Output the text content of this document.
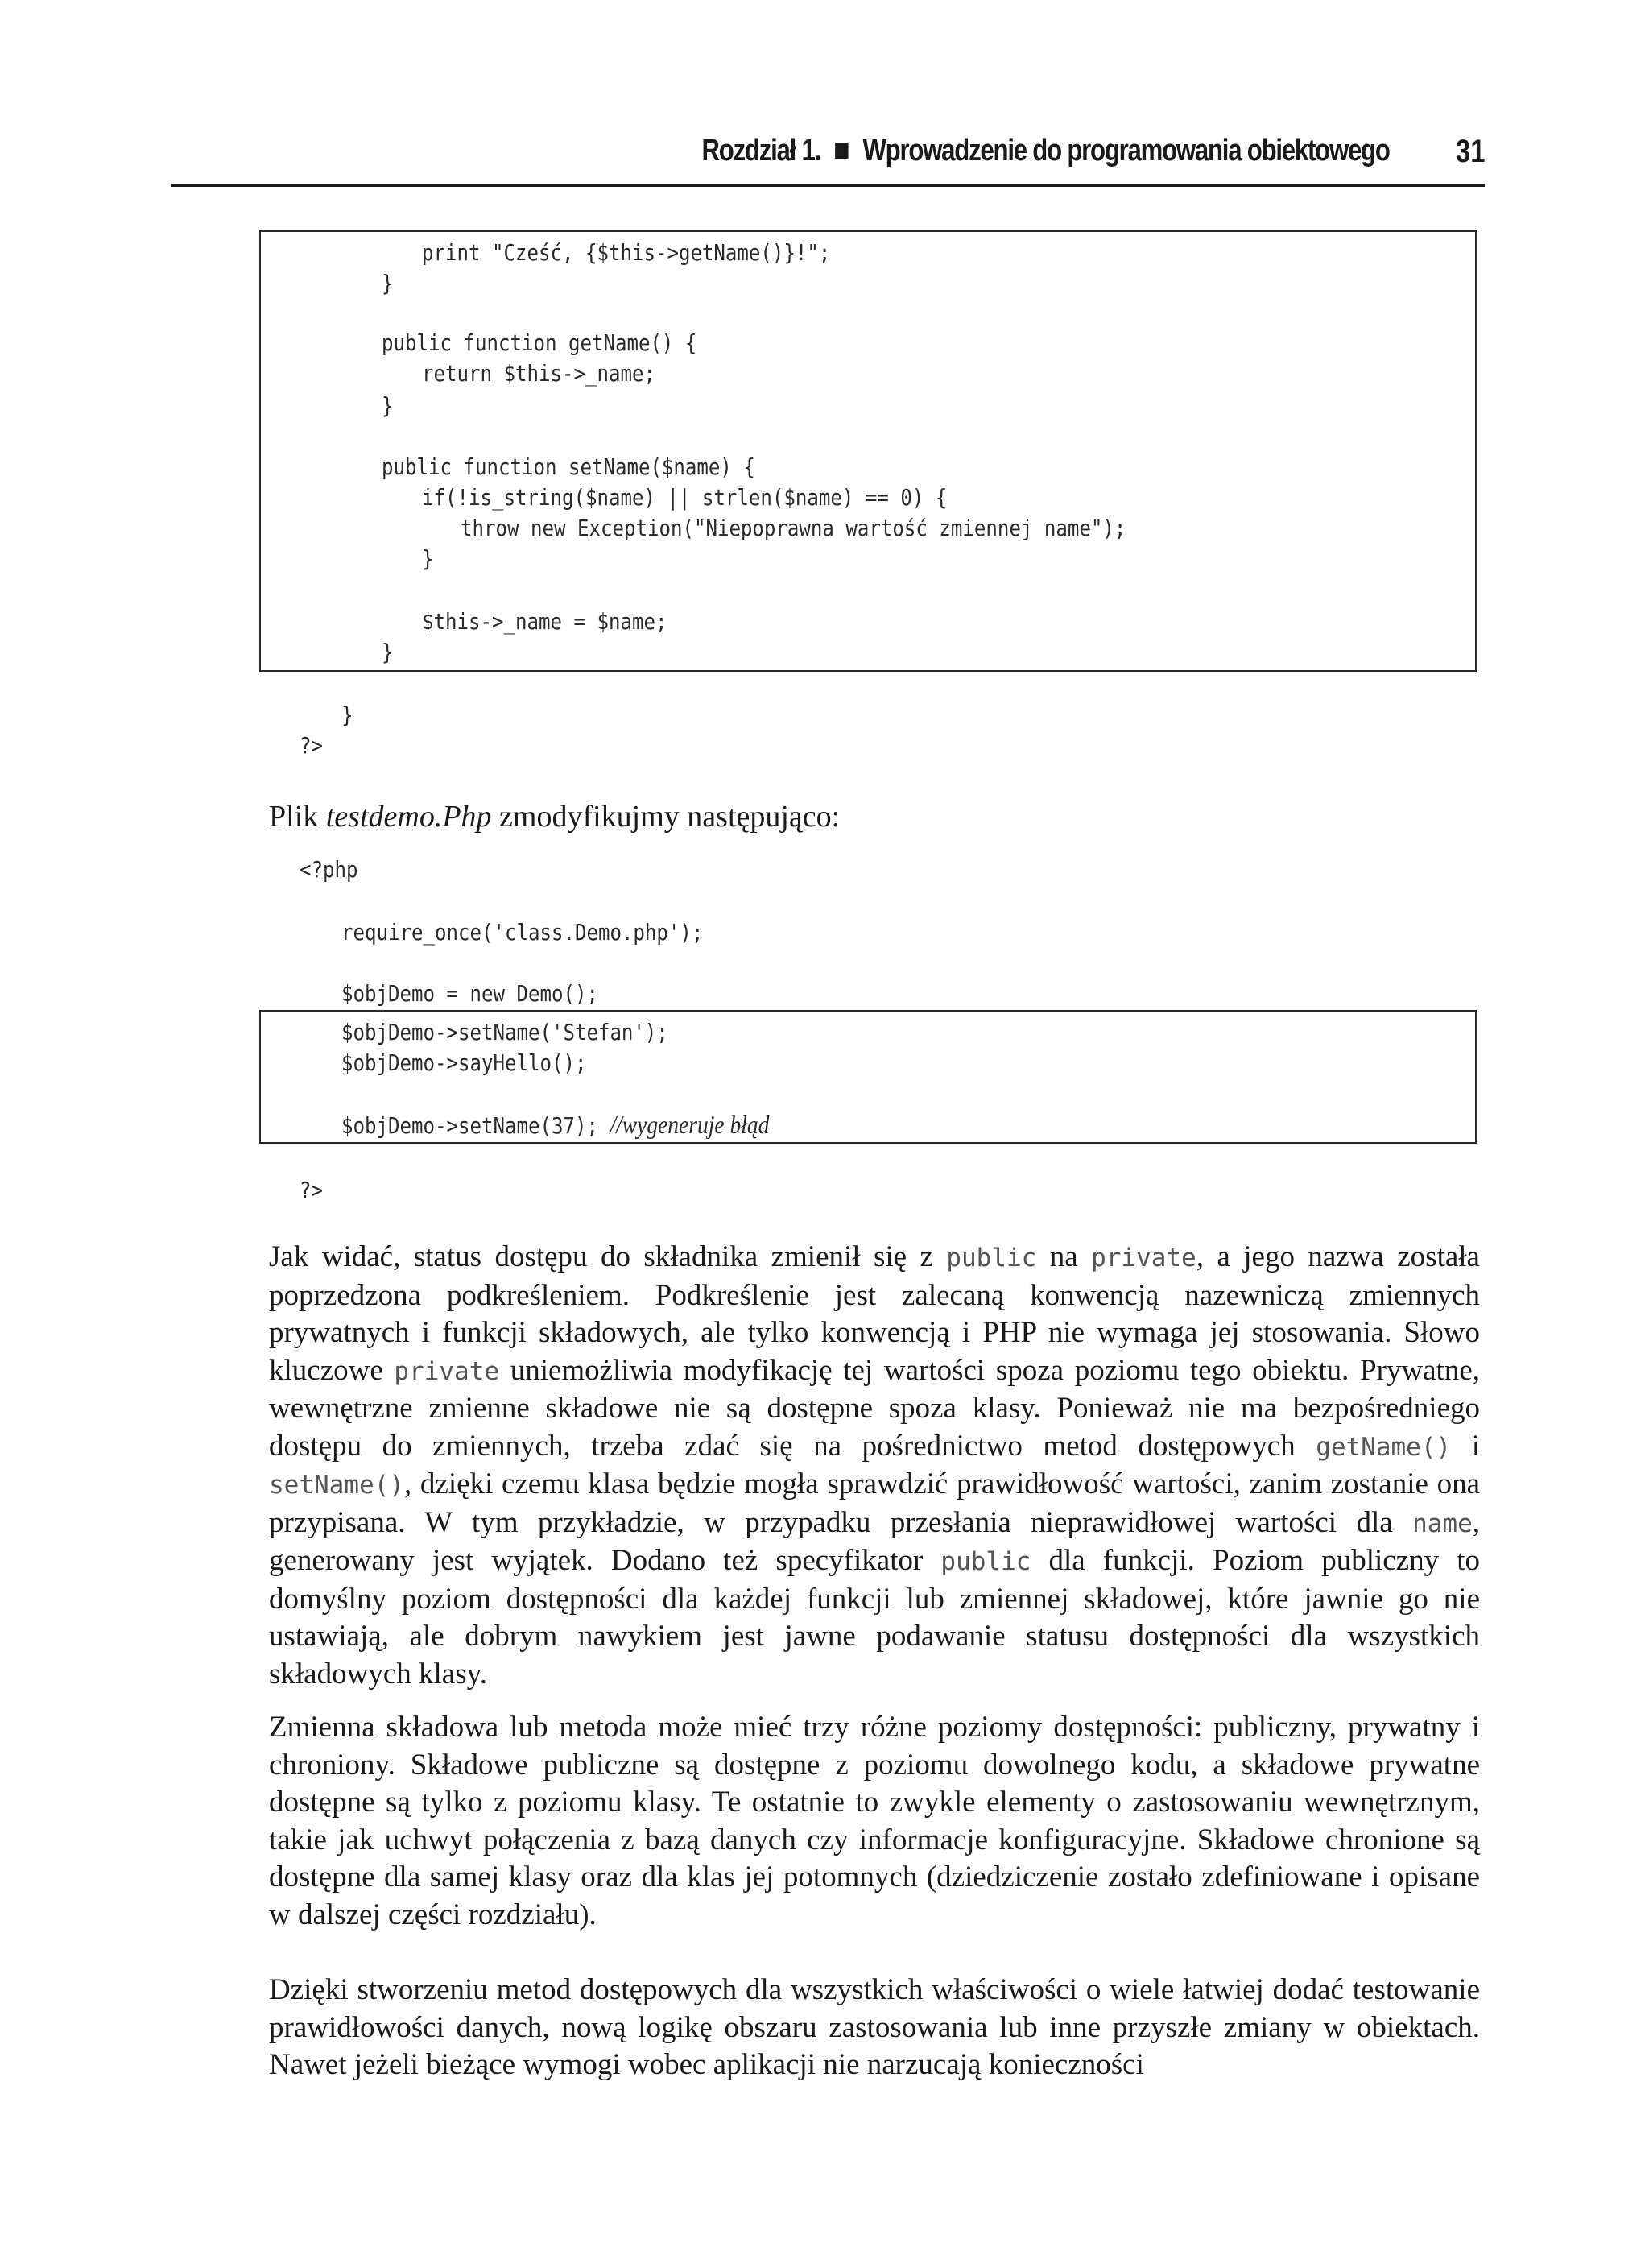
Rozdział 1. Wprowadzenie do programowania obiektowego 31
print "Cześć, {$this->getName()}!";
}
public function getName() {
return $this->_name;
}
public function setName($name) {
if(!is_string($name) || strlen($name) == 0) {
throw new Exception("Niepoprawna wartość zmiennej name");
}
$this->_name = $name;
}
}
?>
Plik testdemo.Php zmodyfikujmy następująco:
<?php
require_once('class.Demo.php');
$objDemo = new Demo();
$objDemo->setName('Stefan');
$objDemo->sayHello();
$objDemo->setName(37); //wygeneruje błąd
?>
Jak widać, status dostępu do składnika zmienił się z public na private, a jego nazwa została poprzedzona podkreśleniem. Podkreślenie jest zalecaną konwencją nazewniczą zmiennych prywatnych i funkcji składowych, ale tylko konwencją i PHP nie wymaga jej stosowania. Słowo kluczowe private uniemożliwia modyfikację tej wartości spoza poziomu tego obiektu. Prywatne, wewnętrzne zmienne składowe nie są dostępne spoza klasy. Ponieważ nie ma bezpośredniego dostępu do zmiennych, trzeba zdać się na pośrednictwo metod dostępowych getName() i setName(), dzięki czemu klasa będzie mogła sprawdzić prawidłowość wartości, zanim zostanie ona przypisana. W tym przykładzie, w przypadku przesłania nieprawidłowej wartości dla name, generowany jest wyjątek. Dodano też specyfikator public dla funkcji. Poziom publiczny to domyślny poziom dostępności dla każdej funkcji lub zmiennej składowej, które jawnie go nie ustawiają, ale dobrym nawykiem jest jawne podawanie statusu dostępności dla wszystkich składowych klasy.
Zmienna składowa lub metoda może mieć trzy różne poziomy dostępności: publiczny, prywatny i chroniony. Składowe publiczne są dostępne z poziomu dowolnego kodu, a składowe prywatne dostępne są tylko z poziomu klasy. Te ostatnie to zwykle elementy o zastosowaniu wewnętrznym, takie jak uchwyt połączenia z bazą danych czy informacje konfiguracyjne. Składowe chronione są dostępne dla samej klasy oraz dla klas jej potomnych (dziedziczenie zostało zdefiniowane i opisane w dalszej części rozdziału).
Dzięki stworzeniu metod dostępowych dla wszystkich właściwości o wiele łatwiej dodać testowanie prawidłowości danych, nową logikę obszaru zastosowania lub inne przyszłe zmiany w obiektach. Nawet jeżeli bieżące wymogi wobec aplikacji nie narzucają konieczności
